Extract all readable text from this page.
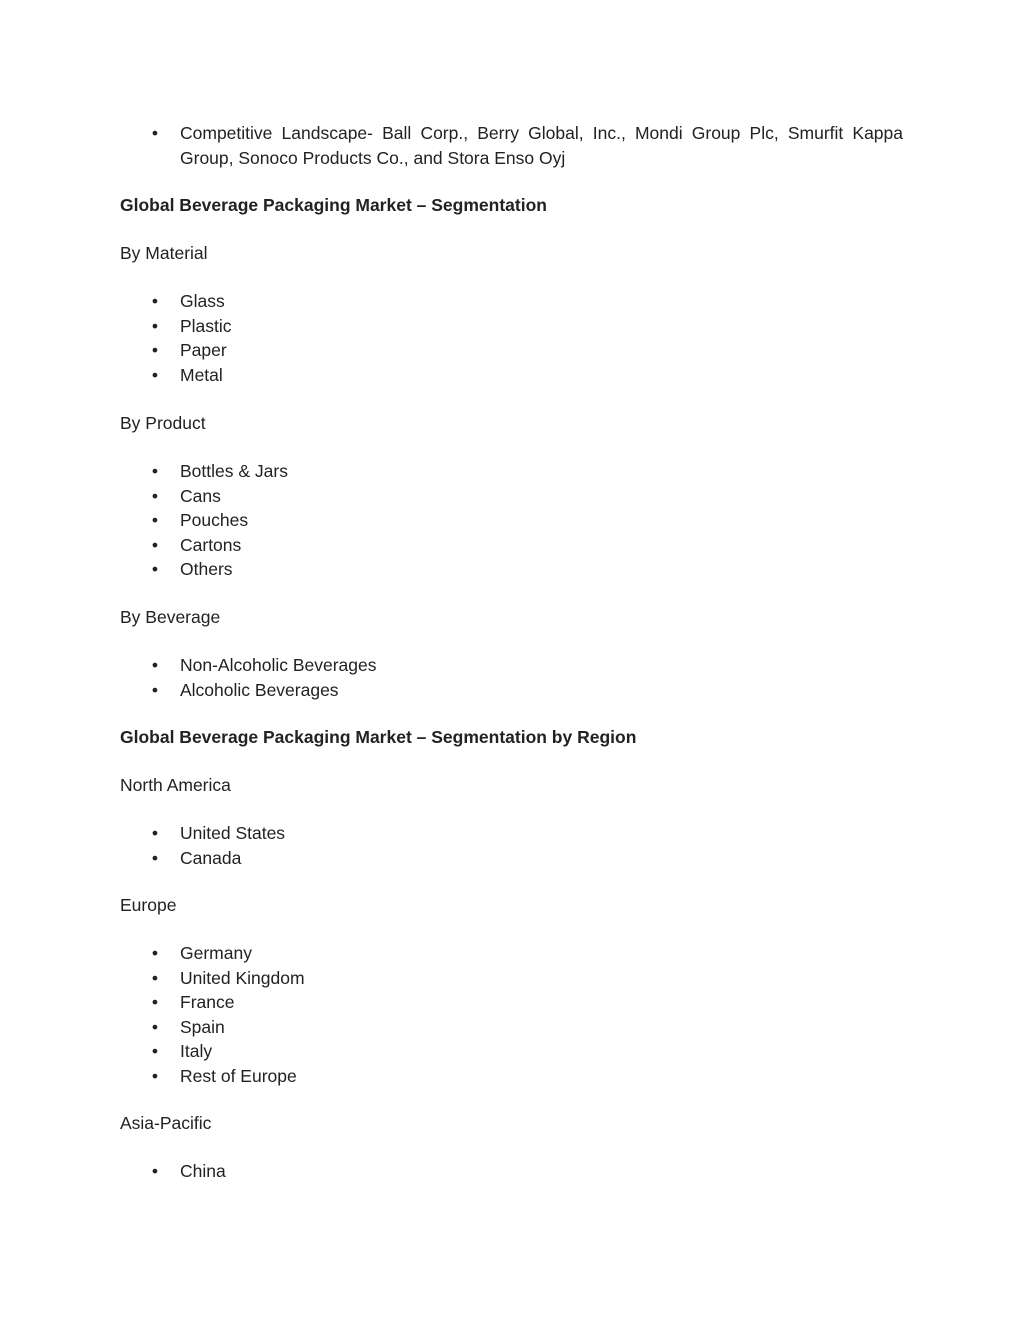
• Competitive Landscape- Ball Corp., Berry Global, Inc., Mondi Group Plc, Smurfit Kappa Group, Sonoco Products Co., and Stora Enso Oyj
Global Beverage Packaging Market – Segmentation
By Material
• Glass
• Plastic
• Paper
• Metal
By Product
• Bottles & Jars
• Cans
• Pouches
• Cartons
• Others
By Beverage
• Non-Alcoholic Beverages
• Alcoholic Beverages
Global Beverage Packaging Market – Segmentation by Region
North America
• United States
• Canada
Europe
• Germany
• United Kingdom
• France
• Spain
• Italy
• Rest of Europe
Asia-Pacific
• China
